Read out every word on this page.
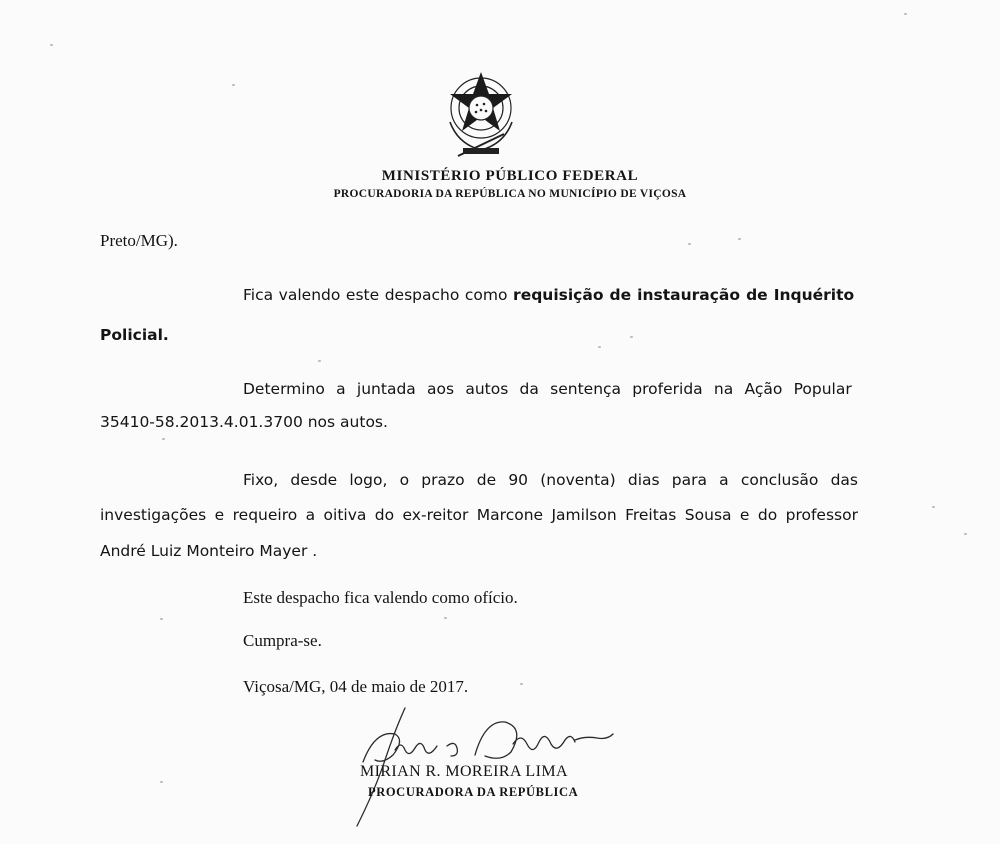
MINISTÉRIO PÚBLICO FEDERAL
PROCURADORIA DA REPÚBLICA NO MUNICÍPIO DE VIÇOSA
Preto/MG).
Fica valendo este despacho como requisição de instauração de Inquérito
Policial.
Determino a juntada aos autos da sentença proferida na Ação Popular
35410-58.2013.4.01.3700 nos autos.
Fixo, desde logo, o prazo de 90 (noventa) dias para a conclusão das
investigações e requeiro a oitiva do ex-reitor Marcone Jamilson Freitas Sousa e do professor
André Luiz Monteiro Mayer .
Este despacho fica valendo como ofício.
Cumpra-se.
Viçosa/MG, 04 de maio de 2017.
MIRIAN R. MOREIRA LIMA
PROCURADORA DA REPÚBLICA
